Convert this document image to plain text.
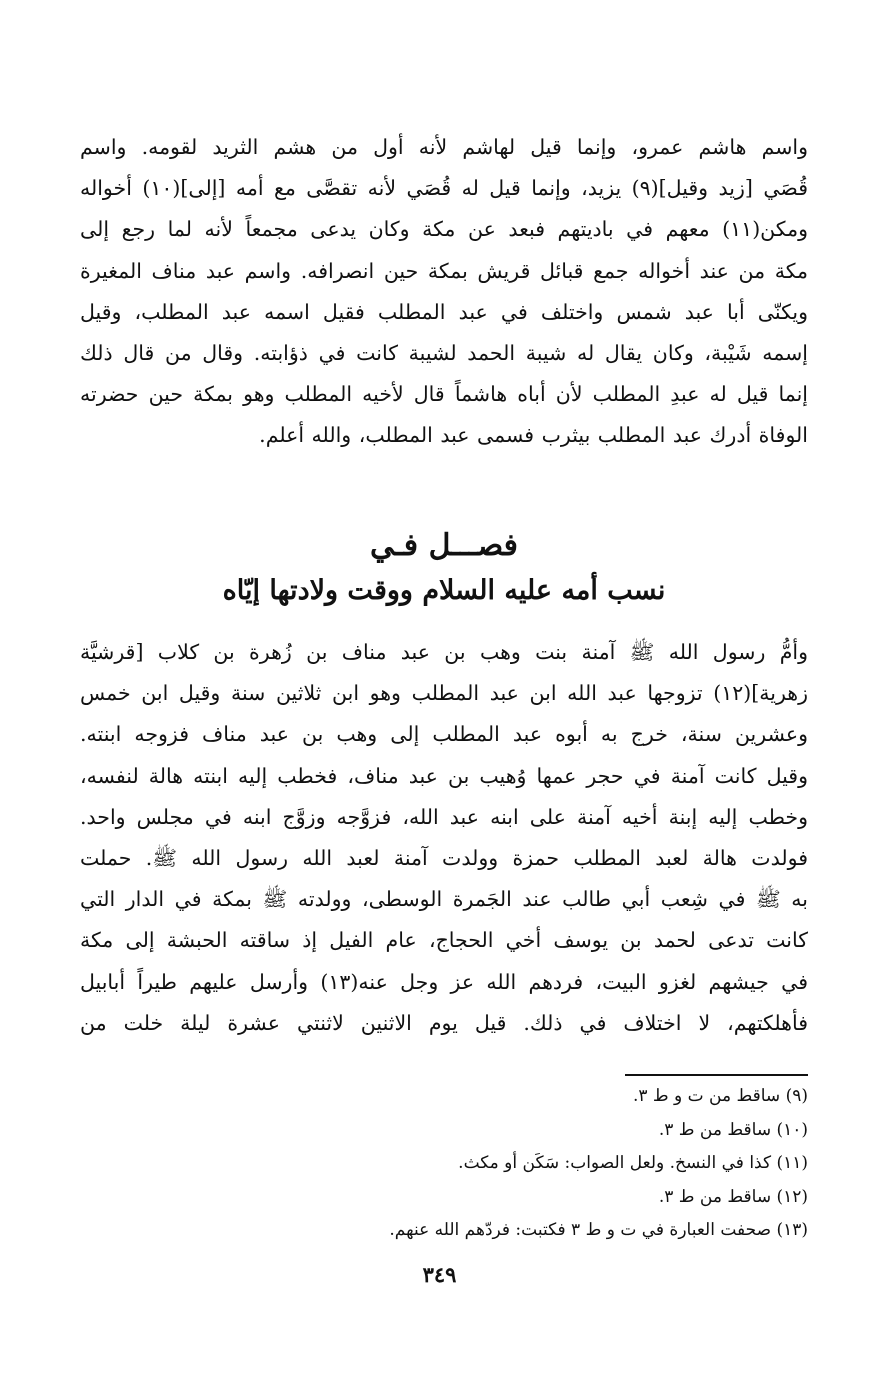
واسم هاشم عمرو، وإنما قيل لهاشم لأنه أول من هشم الثريد لقومه. واسم
قُصَي [زيد وقيل](٩) يزيد، وإنما قيل له قُصَي لأنه تقصَّى مع أمه [إلى](١٠) أخواله
ومكن(١١) معهم في باديتهم فبعد عن مكة وكان يدعى مجمعاً لأنه لما رجع إلى
مكة من عند أخواله جمع قبائل قريش بمكة حين انصرافه. واسم عبد مناف المغيرة
ويكنّى أبا عبد شمس واختلف في عبد المطلب فقيل اسمه عبد المطلب، وقيل
إسمه شَيْبة، وكان يقال له شيبة الحمد لشيبة كانت في ذؤابته. وقال من قال ذلك
إنما قيل له عبدِ المطلب لأن أباه هاشماً قال لأخيه المطلب وهو بمكة حين حضرته
الوفاة أدرك عبد المطلب بيثرب فسمى عبد المطلب، والله أعلم.
فصـــل فـي
نسب أمه عليه السلام ووقت ولادتها إيّاه
وأمُّ رسول الله ﷺ آمنة بنت وهب بن عبد مناف بن زُهرة بن كلاب [قرشيَّة
زهرية](١٢) تزوجها عبد الله ابن عبد المطلب وهو ابن ثلاثين سنة وقيل ابن خمس
وعشرين سنة، خرج به أبوه عبد المطلب إلى وهب بن عبد مناف فزوجه ابنته.
وقيل كانت آمنة في حجر عمها وُهيب بن عبد مناف، فخطب إليه ابنته هالة لنفسه،
وخطب إليه إبنة أخيه آمنة على ابنه عبد الله، فزوَّجه وزوَّج ابنه في مجلس واحد.
فولدت هالة لعبد المطلب حمزة وولدت آمنة لعبد الله رسول الله ﷺ. حملت
به ﷺ في شِعب أبي طالب عند الجَمرة الوسطى، وولدته ﷺ بمكة في الدار التي
كانت تدعى لحمد بن يوسف أخي الحجاج، عام الفيل إذ ساقته الحبشة إلى مكة
في جيشهم لغزو البيت، فردهم الله عز وجل عنه(١٣) وأرسل عليهم طيراً أبابيل
فأهلكتهم، لا اختلاف في ذلك. قيل يوم الاثنين لاثنتي عشرة ليلة خلت من
(٩) ساقط من ت و ط ٣.
(١٠) ساقط من ط ٣.
(١١) كذا في النسخ. ولعل الصواب: سَكَن أو مكث.
(١٢) ساقط من ط ٣.
(١٣) صحفت العبارة في ت و ط ٣ فكتبت: فردّهم الله عنهم.
٣٤٩
